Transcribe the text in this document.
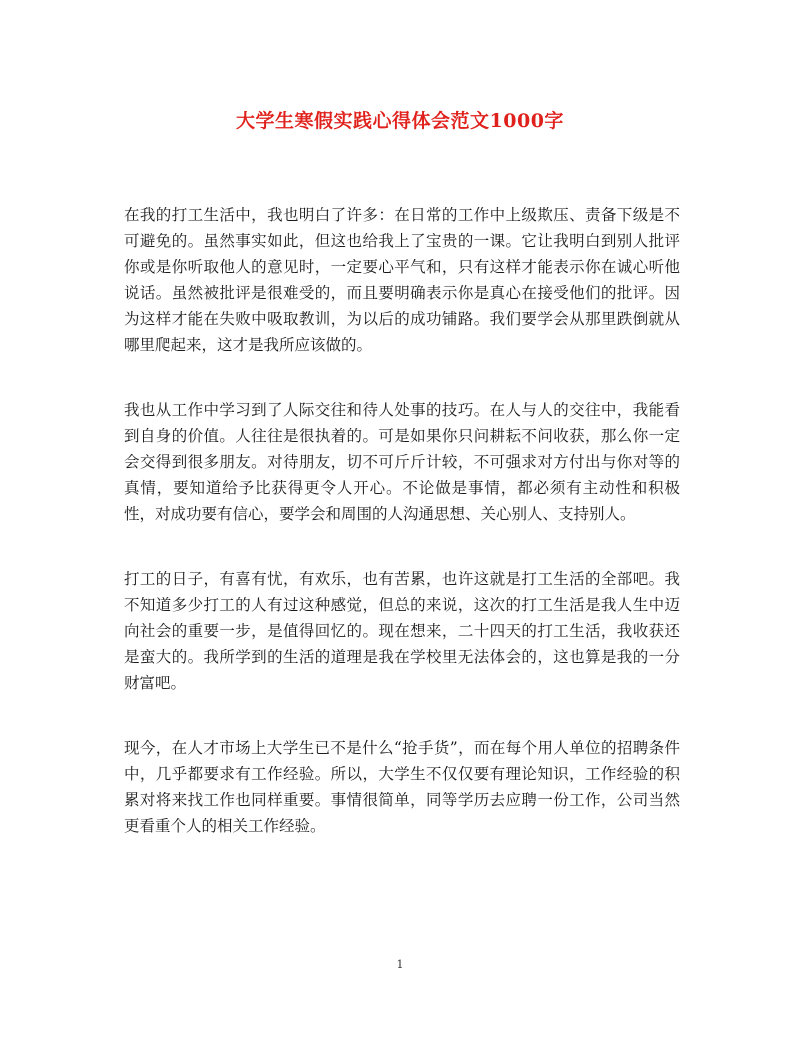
大学生寒假实践心得体会范文1000字

在我的打工生活中，我也明白了许多：在日常的工作中上级欺压、责备下级是不可避免的。虽然事实如此，但这也给我上了宝贵的一课。它让我明白到别人批评你或是你听取他人的意见时，一定要心平气和，只有这样才能表示你在诚心听他说话。虽然被批评是很难受的，而且要明确表示你是真心在接受他们的批评。因为这样才能在失败中吸取教训，为以后的成功铺路。我们要学会从那里跌倒就从哪里爬起来，这才是我所应该做的。

我也从工作中学习到了人际交往和待人处事的技巧。在人与人的交往中，我能看到自身的价值。人往往是很执着的。可是如果你只问耕耘不问收获，那么你一定会交得到很多朋友。对待朋友，切不可斤斤计较，不可强求对方付出与你对等的真情，要知道给予比获得更令人开心。不论做是事情，都必须有主动性和积极性，对成功要有信心，要学会和周围的人沟通思想、关心别人、支持别人。

打工的日子，有喜有忧，有欢乐，也有苦累，也许这就是打工生活的全部吧。我不知道多少打工的人有过这种感觉，但总的来说，这次的打工生活是我人生中迈向社会的重要一步，是值得回忆的。现在想来，二十四天的打工生活，我收获还是蛮大的。我所学到的生活的道理是我在学校里无法体会的，这也算是我的一分财富吧。

现今，在人才市场上大学生已不是什么“抢手货”，而在每个用人单位的招聘条件中，几乎都要求有工作经验。所以，大学生不仅仅要有理论知识，工作经验的积累对将来找工作也同样重要。事情很简单，同等学历去应聘一份工作，公司当然更看重个人的相关工作经验。

1
